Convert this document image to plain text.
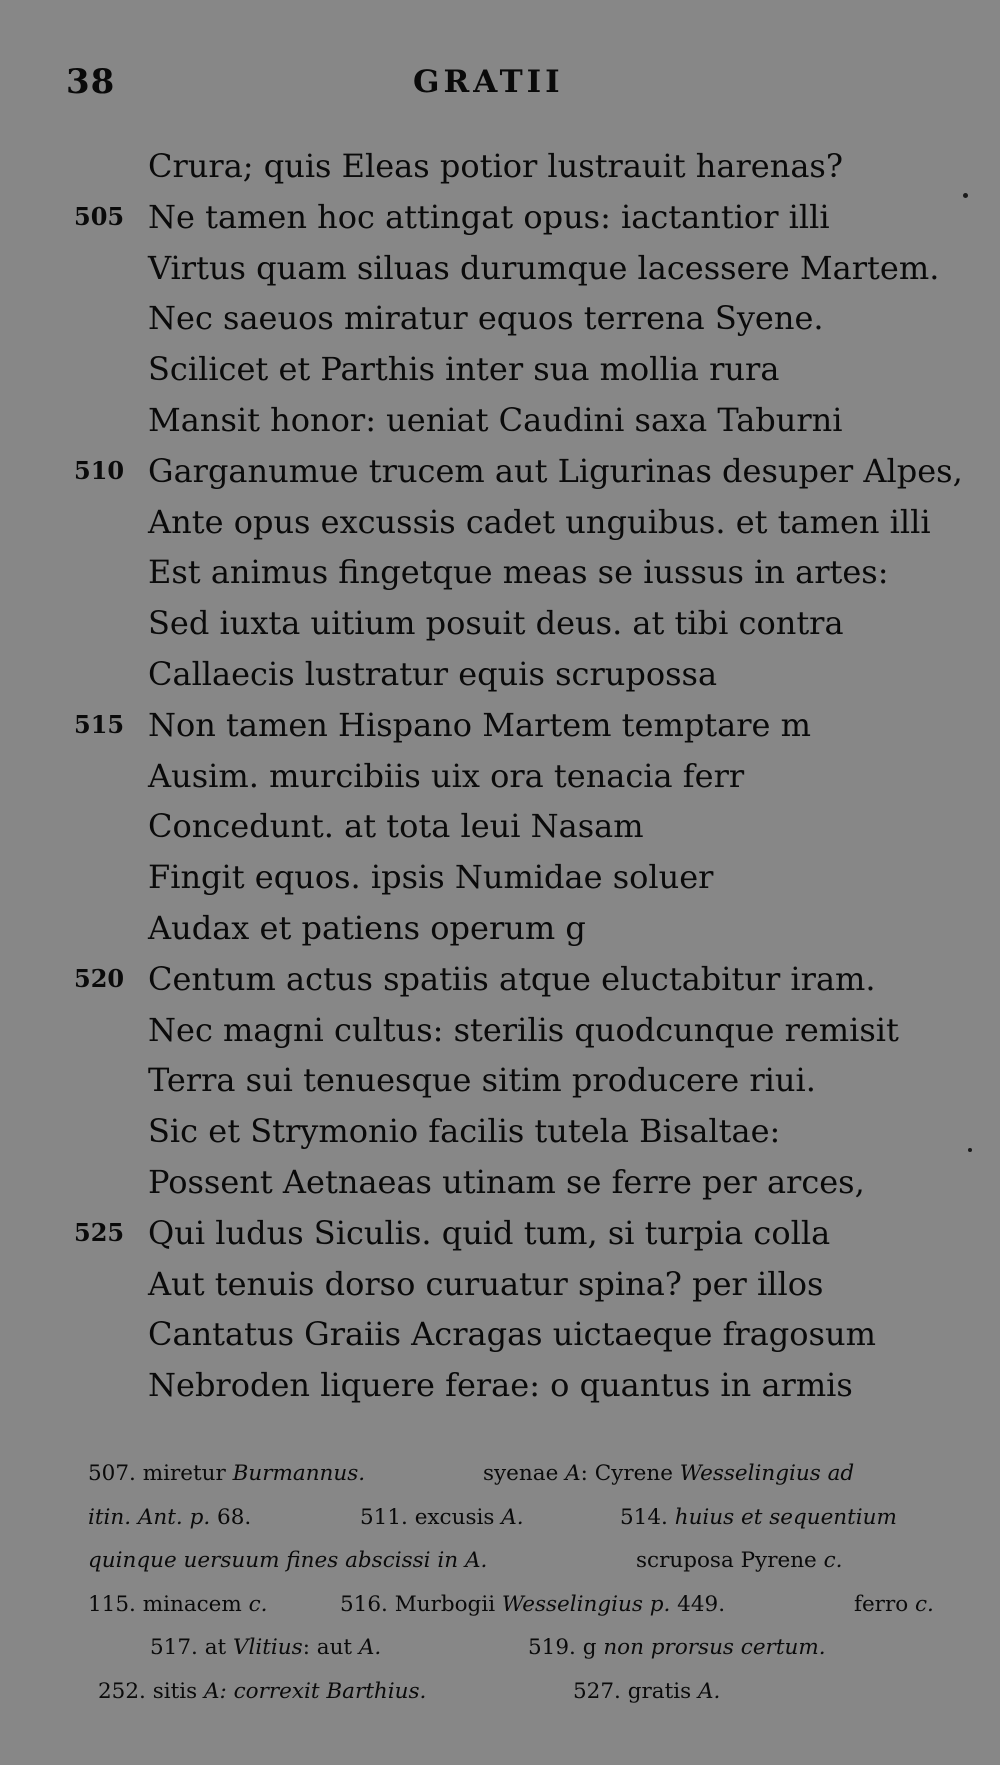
38	GRATII
Crura; quis Eleas potior lustrauit harenas?
505 Ne tamen hoc attingat opus: iactantior illi
Virtus quam siluas durumque lacessere Martem.
Nec saeuos miratur equos terrena Syene.
Scilicet et Parthis inter sua mollia rura
Mansit honor: ueniat Caudini saxa Taburni
510 Garganumue trucem aut Ligurinas desuper Alpes,
Ante opus excussis cadet unguibus. et tamen illi
Est animus fingetque meas se iussus in artes:
Sed iuxta uitium posuit deus. at tibi contra
Callaecis lustratur equis scrupossa
515 Non tamen Hispano Martem temptare m
Ausim. murcibiis uix ora tenacia ferr
Concedunt. at tota leui Nasam
Fingit equos. ipsis Numidae soluer
Audax et patiens operum g
520 Centum actus spatiis atque eluctabitur iram.
Nec magni cultus: sterilis quodcunque remisit
Terra sui tenuesque sitim producere riui.
Sic et Strymonio facilis tutela Bisaltae:
Possent Aetnaeas utinam se ferre per arces,
525 Qui ludus Siculis. quid tum, si turpia colla
Aut tenuis dorso curuatur spina? per illos
Cantatus Graiis Acragas uictaeque fragosum
Nebroden liquere ferae: o quantus in armis
507. miretur Burmannus.	syenae A: Cyrene Wesselingius ad
itin. Ant. p. 68.	511. excusis A.	514. huius et sequentium
quinque uersuum fines abscissi in A.	scruposa Pyrene c.
115. minacem c.	516. Murbogii Wesselingius p. 449.	ferro c.
517. at Vlitius: aut A.	519. g non prorsus certum.
252. sitis A: correxit Barthius.	527. gratis A.
